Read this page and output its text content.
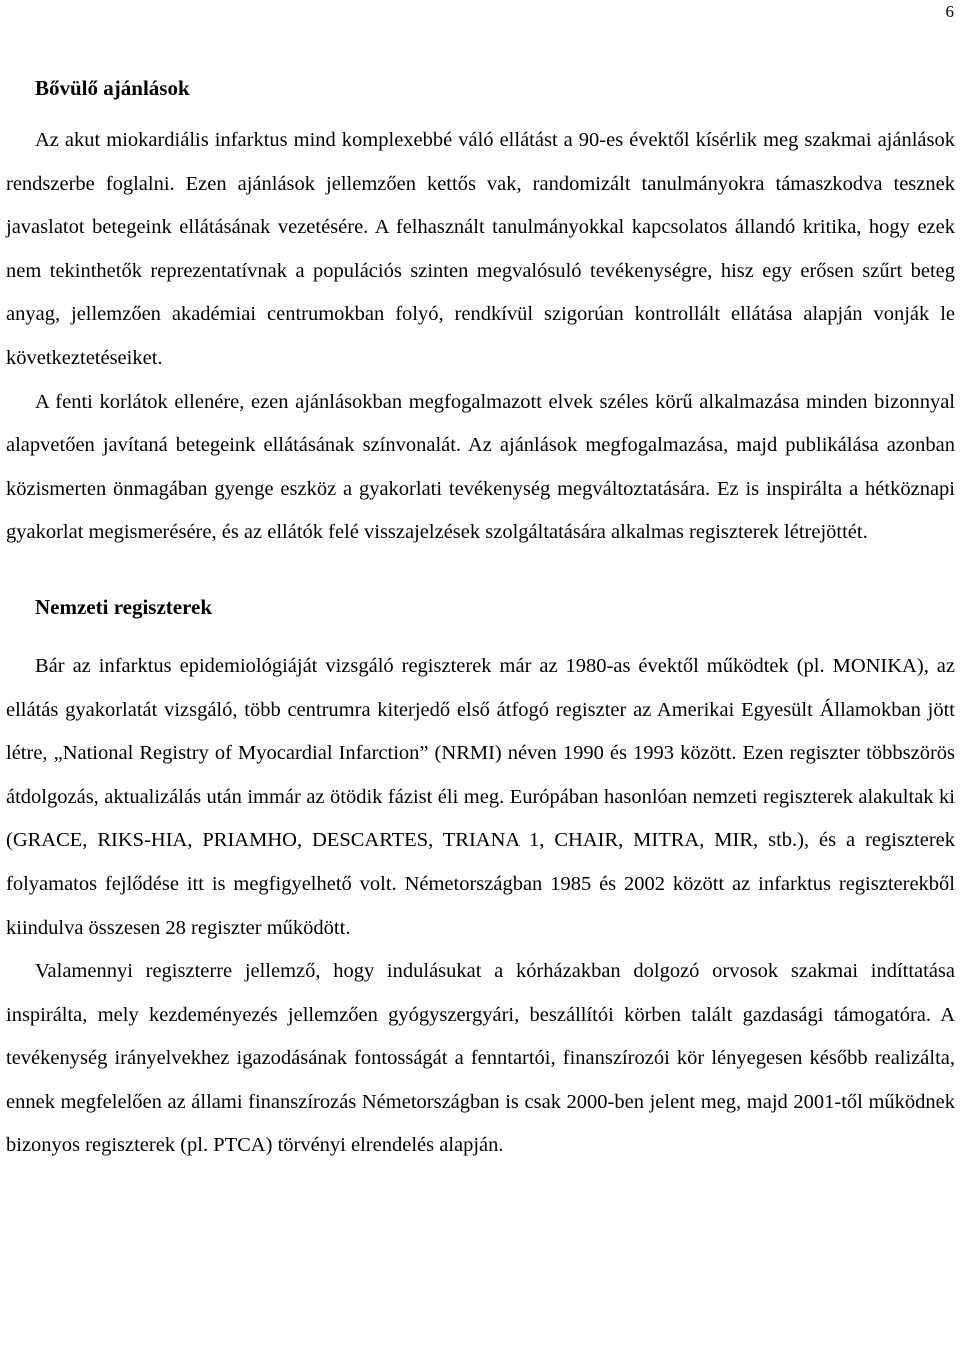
6
Bővülő ajánlások

Az akut miokardiális infarktus mind komplexebbé váló ellátást a 90-es évektől kísérlik meg szakmai ajánlások rendszerbe foglalni. Ezen ajánlások jellemzően kettős vak, randomizált tanulmányokra támaszkodva tesznek javaslatot betegeink ellátásának vezetésére. A felhasznált tanulmányokkal kapcsolatos állandó kritika, hogy ezek nem tekinthetők reprezentatívnak a populációs szinten megvalósuló tevékenységre, hisz egy erősen szűrt beteg anyag, jellemzően akadémiai centrumokban folyó, rendkívül szigorúan kontrollált ellátása alapján vonják le következtetéseiket.

A fenti korlátok ellenére, ezen ajánlásokban megfogalmazott elvek széles körű alkalmazása minden bizonnyal alapvetően javítaná betegeink ellátásának színvonalát. Az ajánlások megfogalmazása, majd publikálása azonban közismerten önmagában gyenge eszköz a gyakorlati tevékenység megváltoztatására. Ez is inspirálta a hétköznapi gyakorlat megismerésére, és az ellátók felé visszajelzések szolgáltatására alkalmas regiszterek létrejöttét.

Nemzeti regiszterek

Bár az infarktus epidemiológiáját vizsgáló regiszterek már az 1980-as évektől működtek (pl. MONIKA), az ellátás gyakorlatát vizsgáló, több centrumra kiterjedő első átfogó regiszter az Amerikai Egyesült Államokban jött létre, „National Registry of Myocardial Infarction” (NRMI) néven 1990 és 1993 között. Ezen regiszter többszörös átdolgozás, aktualizálás után immár az ötödik fázist éli meg. Európában hasonlóan nemzeti regiszterek alakultak ki (GRACE, RIKS-HIA, PRIAMHO, DESCARTES, TRIANA 1, CHAIR, MITRA, MIR, stb.), és a regiszterek folyamatos fejlődése itt is megfigyelhető volt. Németországban 1985 és 2002 között az infarktus regiszterekből kiindulva összesen 28 regiszter működött.

Valamennyi regiszterre jellemző, hogy indulásukat a kórházakban dolgozó orvosok szakmai indíttatása inspirálta, mely kezdeményezés jellemzően gyógyszergyári, beszállítói körben talált gazdasági támogatóra. A tevékenység irányelvekhez igazodásának fontosságát a fenntartói, finanszírozói kör lényegesen később realizálta, ennek megfelelően az állami finanszírozás Németországban is csak 2000-ben jelent meg, majd 2001-től működnek bizonyos regiszterek (pl. PTCA) törvényi elrendelés alapján.
